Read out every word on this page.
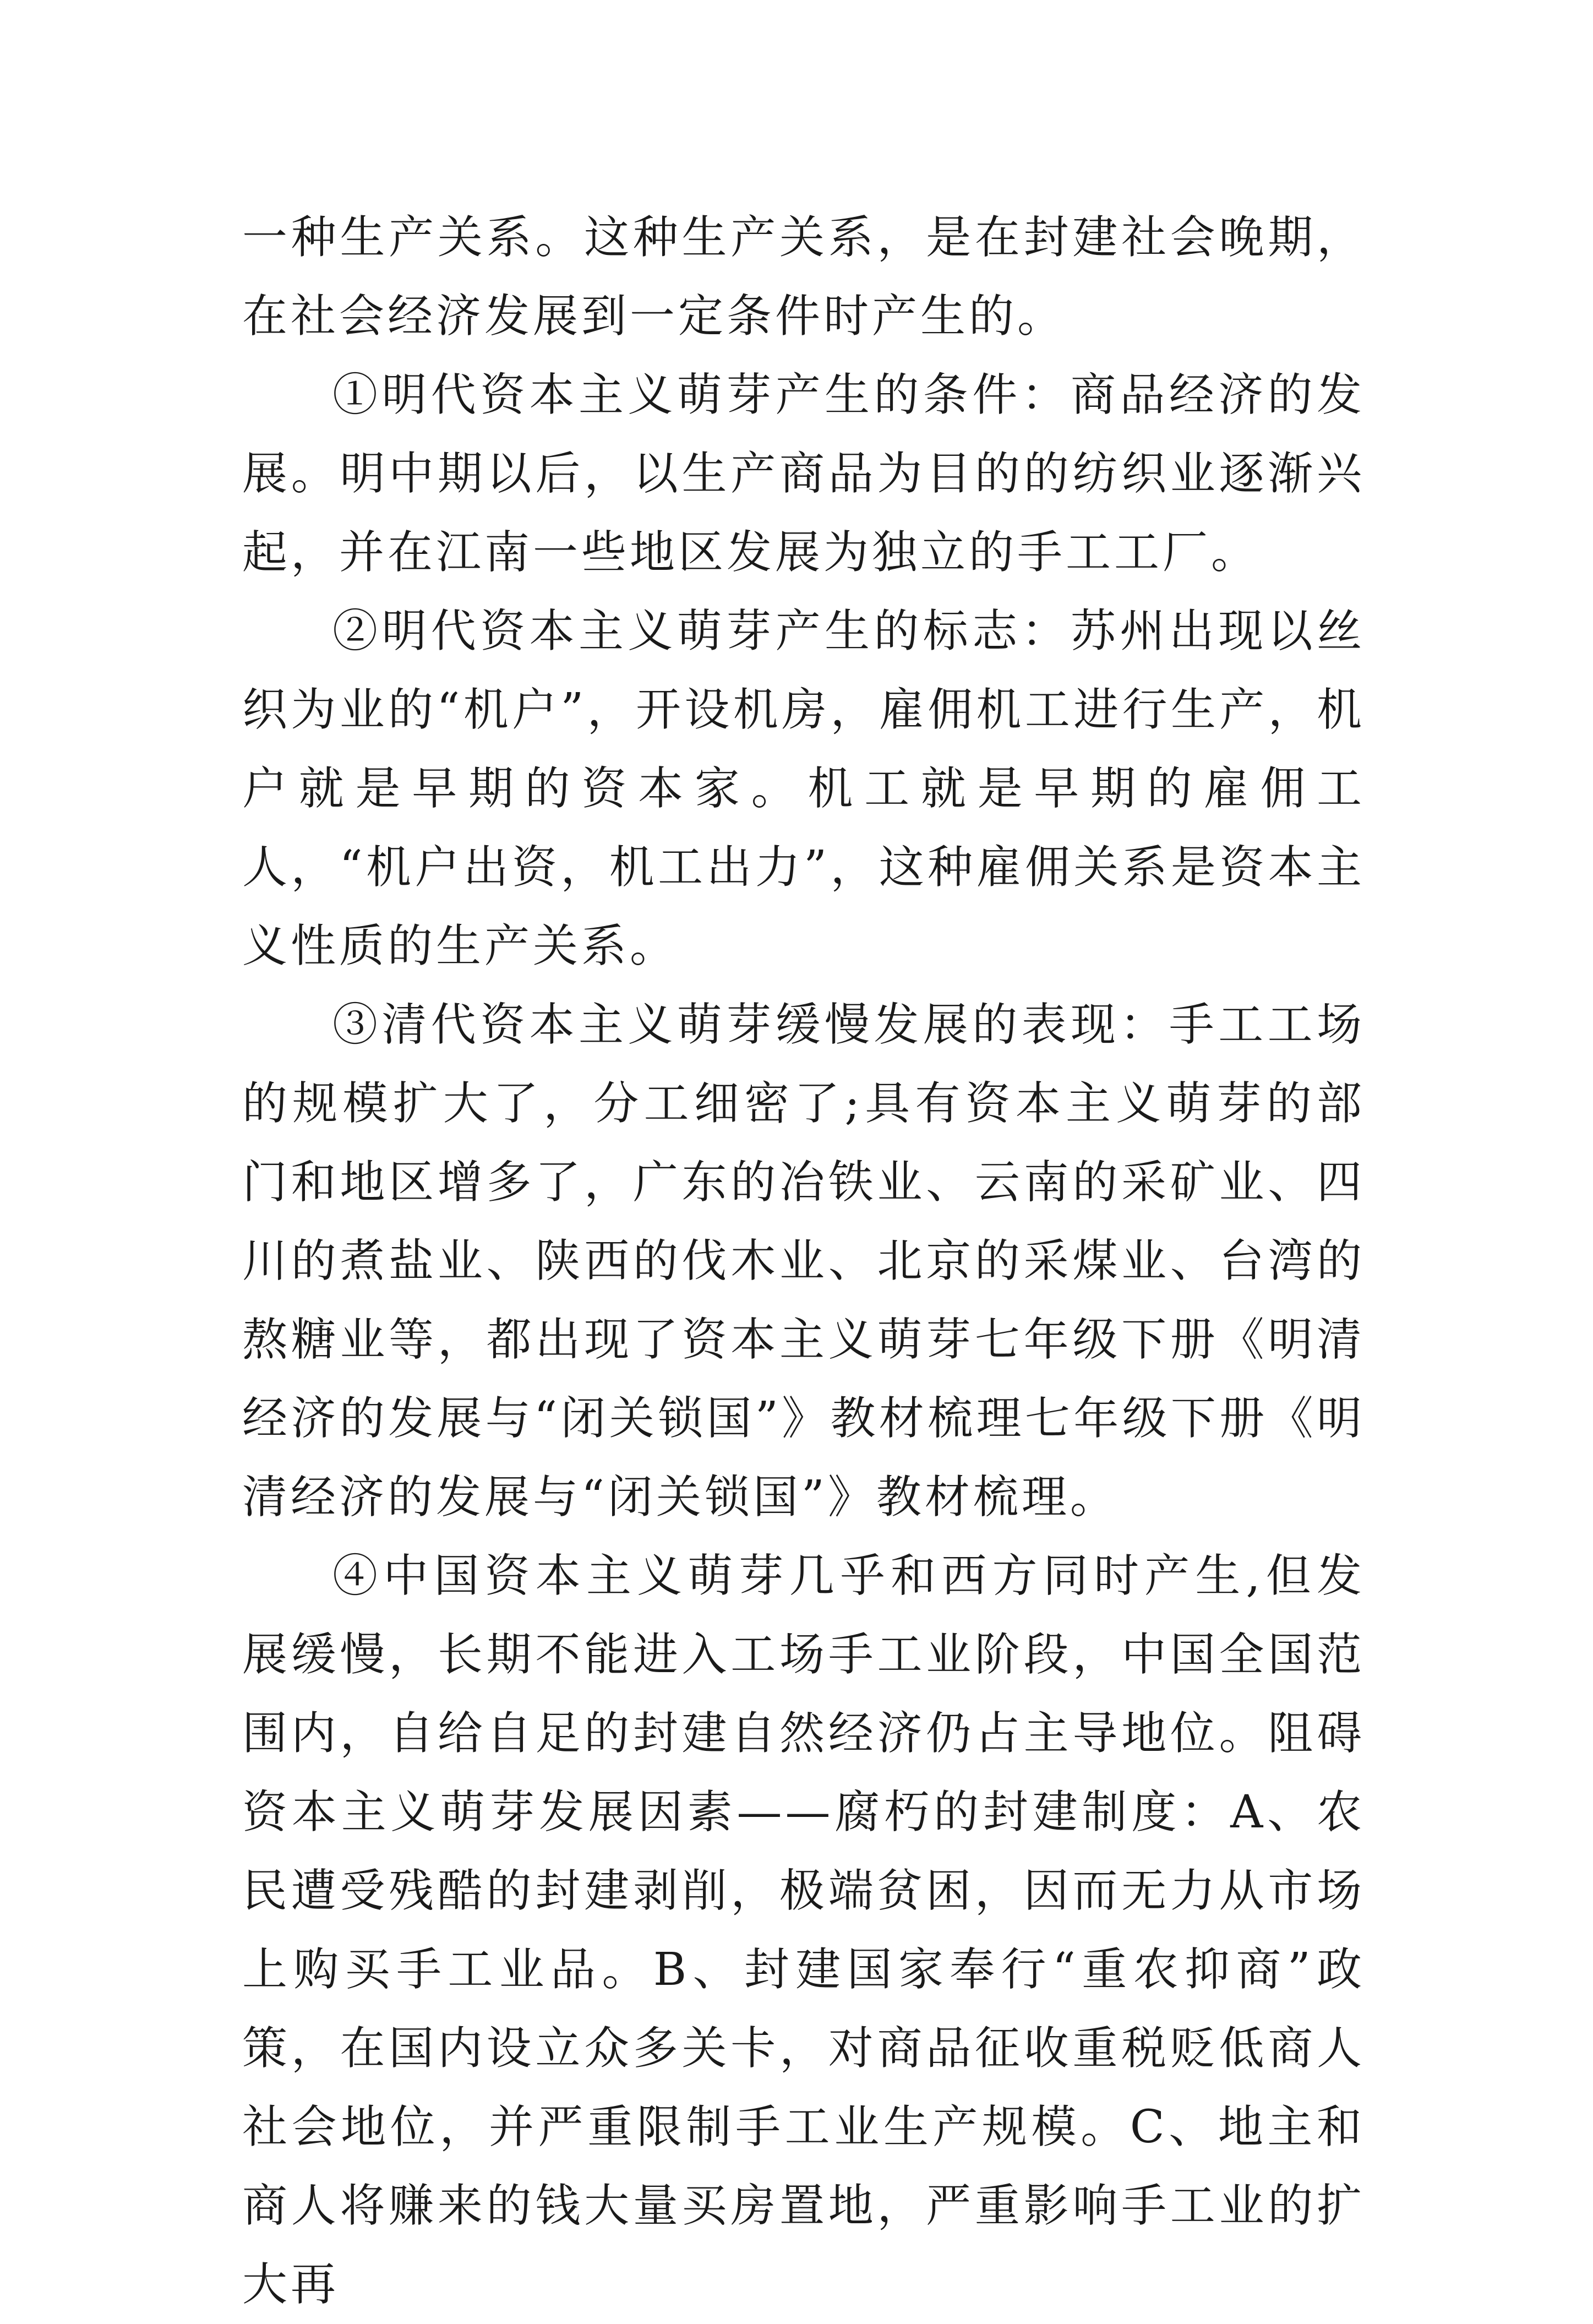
一种生产关系。这种生产关系，是在封建社会晚期，在社会经济发展到一定条件时产生的。

①明代资本主义萌芽产生的条件：商品经济的发展。明中期以后，以生产商品为目的的纺织业逐渐兴起，并在江南一些地区发展为独立的手工工厂。

②明代资本主义萌芽产生的标志：苏州出现以丝织为业的“机户”，开设机房，雇佣机工进行生产，机户就是早期的资本家。机工就是早期的雇佣工人，“机户出资，机工出力”，这种雇佣关系是资本主义性质的生产关系。

③清代资本主义萌芽缓慢发展的表现：手工工场的规模扩大了，分工细密了;具有资本主义萌芽的部门和地区增多了，广东的冶铁业、云南的采矿业、四川的煮盐业、陕西的伐木业、北京的采煤业、台湾的熬糖业等，都出现了资本主义萌芽七年级下册《明清经济的发展与“闭关锁国”》教材梳理七年级下册《明清经济的发展与“闭关锁国”》教材梳理。

④中国资本主义萌芽几乎和西方同时产生,但发展缓慢，长期不能进入工场手工业阶段，中国全国范围内，自给自足的封建自然经济仍占主导地位。阻碍资本主义萌芽发展因素——腐朽的封建制度：A、农民遭受残酷的封建剥削，极端贫困，因而无力从市场上购买手工业品。B、封建国家奉行“重农抑商”政策，在国内设立众多关卡，对商品征收重税贬低商人社会地位，并严重限制手工业生产规模。C、地主和商人将赚来的钱大量买房置地，严重影响手工业的扩大再
